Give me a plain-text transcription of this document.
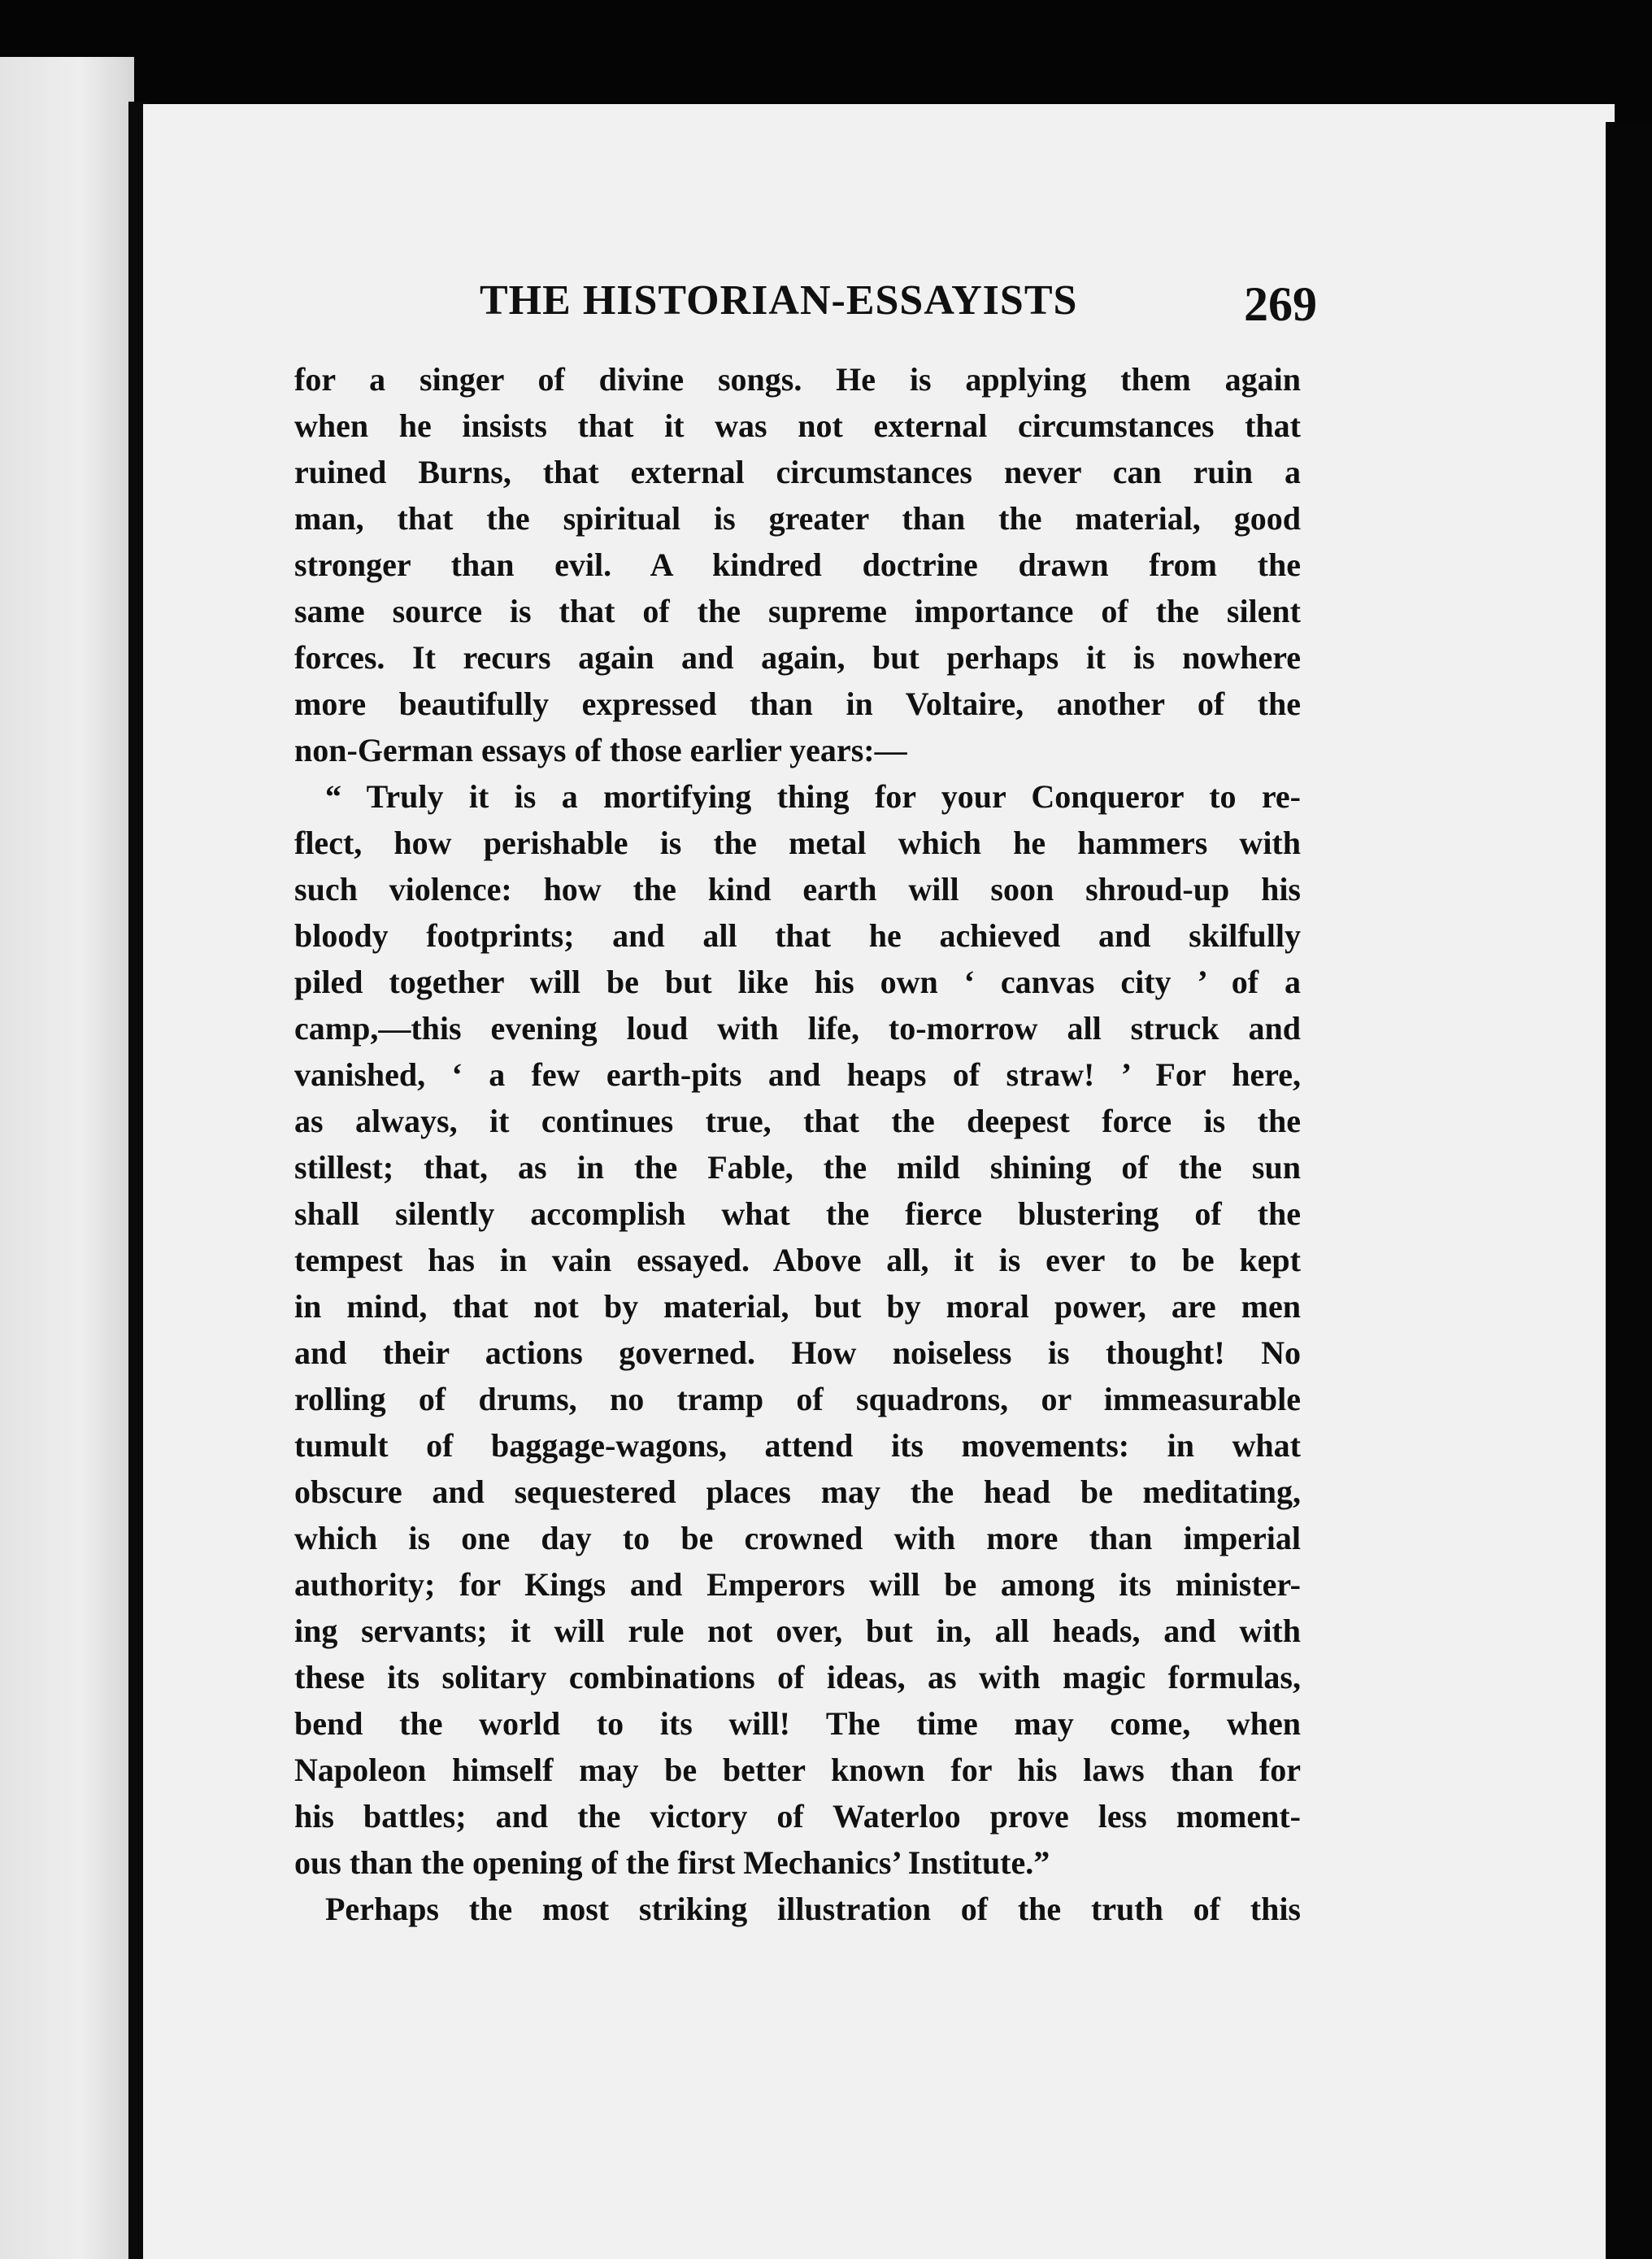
THE HISTORIAN-ESSAYISTS	269
for a singer of divine songs. He is applying them again
when he insists that it was not external circumstances that
ruined Burns, that external circumstances never can ruin a
man, that the spiritual is greater than the material, good
stronger than evil. A kindred doctrine drawn from the
same source is that of the supreme importance of the silent
forces. It recurs again and again, but perhaps it is nowhere
more beautifully expressed than in Voltaire, another of the
non-German essays of those earlier years:—
“ Truly it is a mortifying thing for your Conqueror to re-
flect, how perishable is the metal which he hammers with
such violence: how the kind earth will soon shroud-up his
bloody footprints; and all that he achieved and skilfully
piled together will be but like his own ‘ canvas city ’ of a
camp,—this evening loud with life, to-morrow all struck and
vanished, ‘ a few earth-pits and heaps of straw! ’ For here,
as always, it continues true, that the deepest force is the
stillest; that, as in the Fable, the mild shining of the sun
shall silently accomplish what the fierce blustering of the
tempest has in vain essayed. Above all, it is ever to be kept
in mind, that not by material, but by moral power, are men
and their actions governed. How noiseless is thought! No
rolling of drums, no tramp of squadrons, or immeasurable
tumult of baggage-wagons, attend its movements: in what
obscure and sequestered places may the head be meditating,
which is one day to be crowned with more than imperial
authority; for Kings and Emperors will be among its minister-
ing servants; it will rule not over, but in, all heads, and with
these its solitary combinations of ideas, as with magic formulas,
bend the world to its will! The time may come, when
Napoleon himself may be better known for his laws than for
his battles; and the victory of Waterloo prove less moment-
ous than the opening of the first Mechanics’ Institute.”
Perhaps the most striking illustration of the truth of this
